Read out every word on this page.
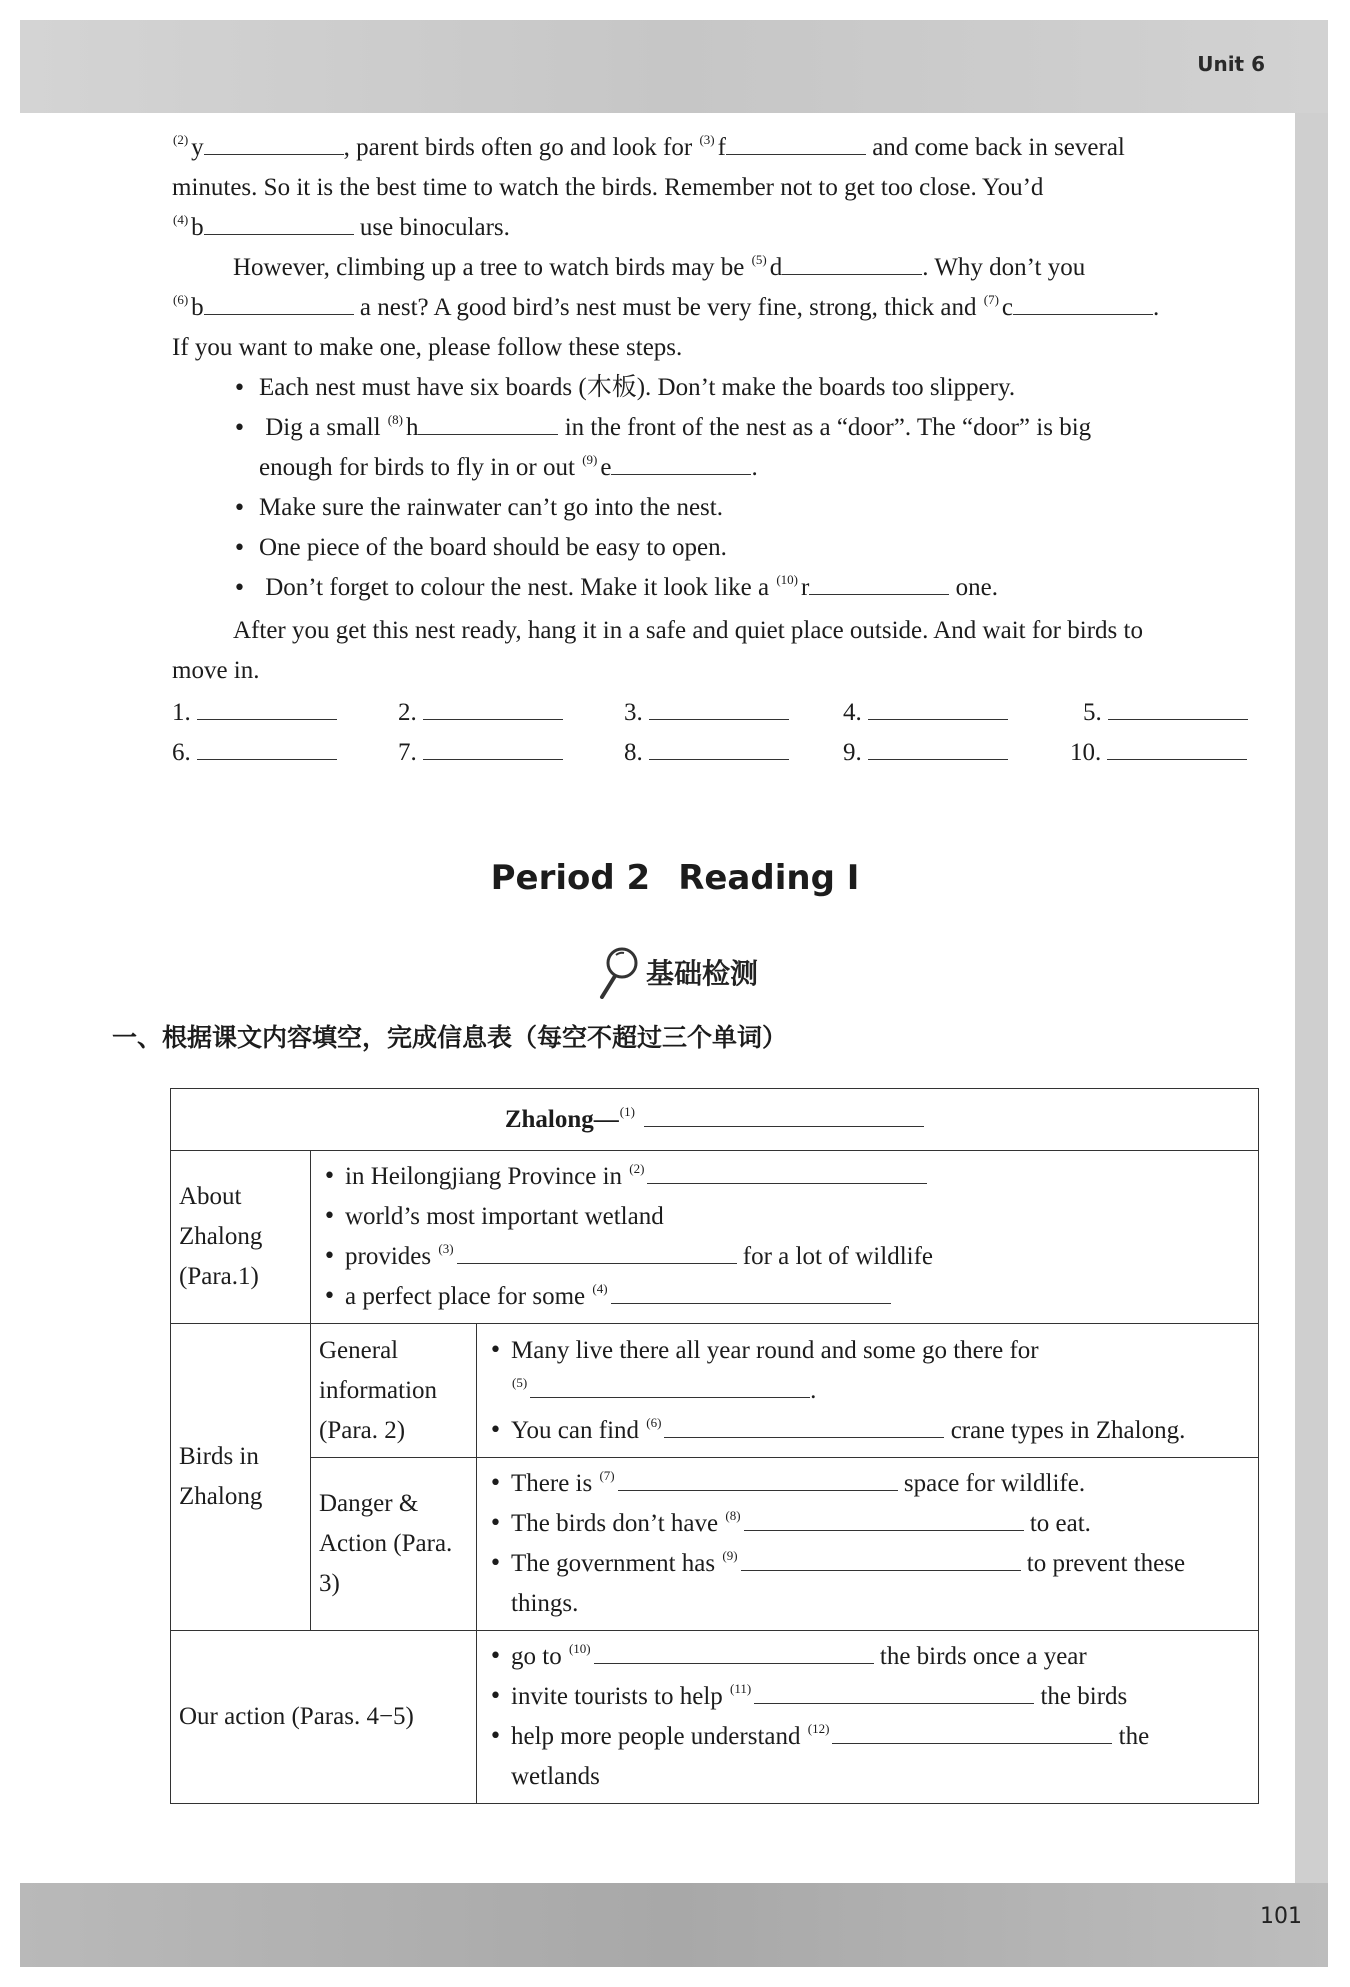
Unit 6
101
$^{(2)}$ y	, parent birds often go and look for $^{(3)}$ f	and come back in several
minutes. So it is the best time to watch the birds. Remember not to get too close. You’d
$^{(4)}$ b	use binoculars.
However, climbing up a tree to watch birds may be $^{(5)}$ d	. Why don’t you
$^{(6)}$ b	a nest? A good bird’s nest must be very fine, strong, thick and $^{(7)}$ c	.
If you want to make one, please follow these steps.
• Each nest must have six boards (木板). Don’t make the boards too slippery.
• Dig a small $^{(8)}$ h	in the front of the nest as a “door”. The “door” is big
enough for birds to fly in or out $^{(9)}$ e	.
• Make sure the rainwater can’t go into the nest.
• One piece of the board should be easy to open.
• Don’t forget to colour the nest. Make it look like a $^{(10)}$ r	one.
After you get this nest ready, hang it in a safe and quiet place outside. And wait for birds to
move in.
1.	2.	3.	4.	5.
6.	7.	8.	9.	10.
Period 2 Reading I
基础检测
一、根据课文内容填空，完成信息表（每空不超过三个单词）
Zhalong—$^{(1)}$
About Zhalong (Para.1)	• in Heilongjiang Province in $^{(2)}$
• world’s most important wetland
• provides $^{(3)}$ for a lot of wildlife
• a perfect place for some $^{(4)}$

Birds in Zhalong	General information (Para. 2)	• Many live there all year round and some go there for
$^{(5)}$ .
• You can find $^{(6)}$ crane types in Zhalong.

	Danger & Action (Para. 3)	• There is $^{(7)}$ space for wildlife.
• The birds don’t have $^{(8)}$ to eat.
• The government has $^{(9)}$ to prevent these
things.

Our action (Paras. 4−5)		• go to $^{(10)}$ the birds once a year
• invite tourists to help $^{(11)}$ the birds
• help more people understand $^{(12)}$ the
wetlands
